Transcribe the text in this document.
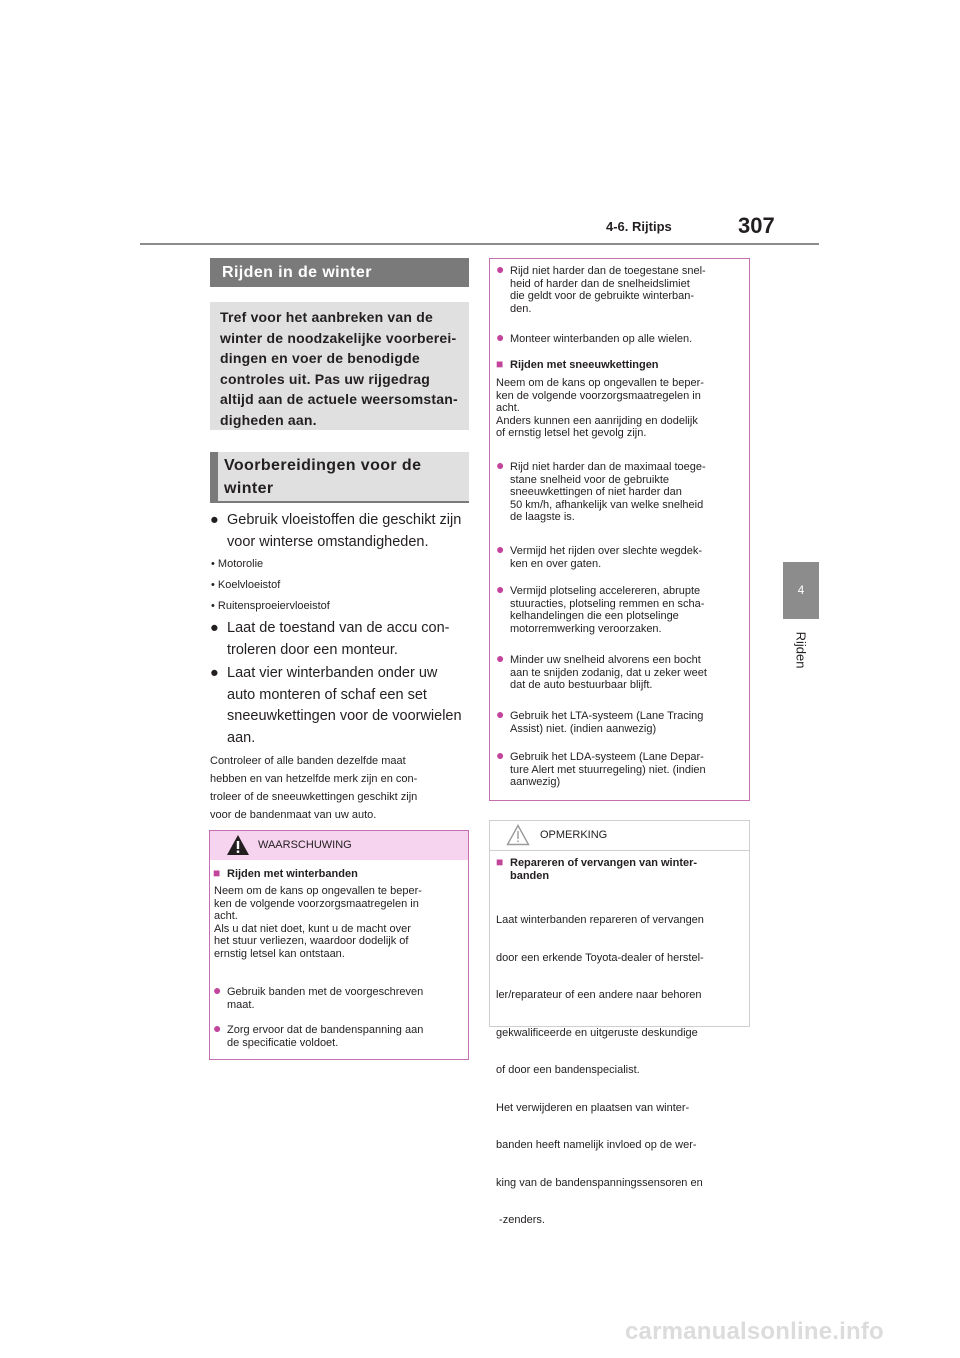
4-6. Rijtips	307
4
Rijden
Rijden in de winter

Tref voor het aanbreken van de

winter de noodzakelijke voorberei-

dingen en voer de benodigde

controles uit. Pas uw rijgedrag

altijd aan de actuele weersomstan-

digheden aan.

Voorbereidingen voor de
winter
● Gebruik vloeistoffen die geschikt zijn
voor winterse omstandigheden.
• Motorolie
• Koelvloeistof
• Ruitensproeiervloeistof
● Laat de toestand van de accu con-
troleren door een monteur.
● Laat vier winterbanden onder uw
auto monteren of schaf een set
sneeuwkettingen voor de voorwielen
aan.
Controleer of alle banden dezelfde maat
hebben en van hetzelfde merk zijn en con-
troleer of de sneeuwkettingen geschikt zijn
voor de bandenmaat van uw auto.
WAARSCHUWING
■ Rijden met winterbanden
Neem om de kans op ongevallen te beper-
ken de volgende voorzorgsmaatregelen in
acht.
Als u dat niet doet, kunt u de macht over
het stuur verliezen, waardoor dodelijk of
ernstig letsel kan ontstaan.
● Gebruik banden met de voorgeschreven
maat.
● Zorg ervoor dat de bandenspanning aan
de specificatie voldoet.
● Rijd niet harder dan de toegestane snel-
heid of harder dan de snelheidslimiet
die geldt voor de gebruikte winterban-
den.
● Monteer winterbanden op alle wielen.
■ Rijden met sneeuwkettingen
Neem om de kans op ongevallen te beper-
ken de volgende voorzorgsmaatregelen in
acht.
Anders kunnen een aanrijding en dodelijk
of ernstig letsel het gevolg zijn.
● Rijd niet harder dan de maximaal toege-
stane snelheid voor de gebruikte
sneeuwkettingen of niet harder dan
50 km/h, afhankelijk van welke snelheid
de laagste is.
● Vermijd het rijden over slechte wegdek-
ken en over gaten.
● Vermijd plotseling accelereren, abrupte
stuuracties, plotseling remmen en scha-
kelhandelingen die een plotselinge
motorremwerking veroorzaken.
● Minder uw snelheid alvorens een bocht
aan te snijden zodanig, dat u zeker weet
dat de auto bestuurbaar blijft.
● Gebruik het LTA-systeem (Lane Tracing
Assist) niet. (indien aanwezig)
● Gebruik het LDA-systeem (Lane Depar-
ture Alert met stuurregeling) niet. (indien
aanwezig)
OPMERKING
■ Repareren of vervangen van winter-
banden

Laat winterbanden repareren of vervangen

door een erkende Toyota-dealer of herstel-

ler/reparateur of een andere naar behoren

gekwalificeerde en uitgeruste deskundige

of door een bandenspecialist.

Het verwijderen en plaatsen van winter-

banden heeft namelijk invloed op de wer-

king van de bandenspanningssensoren en

-zenders.

carmanualsonline.info
